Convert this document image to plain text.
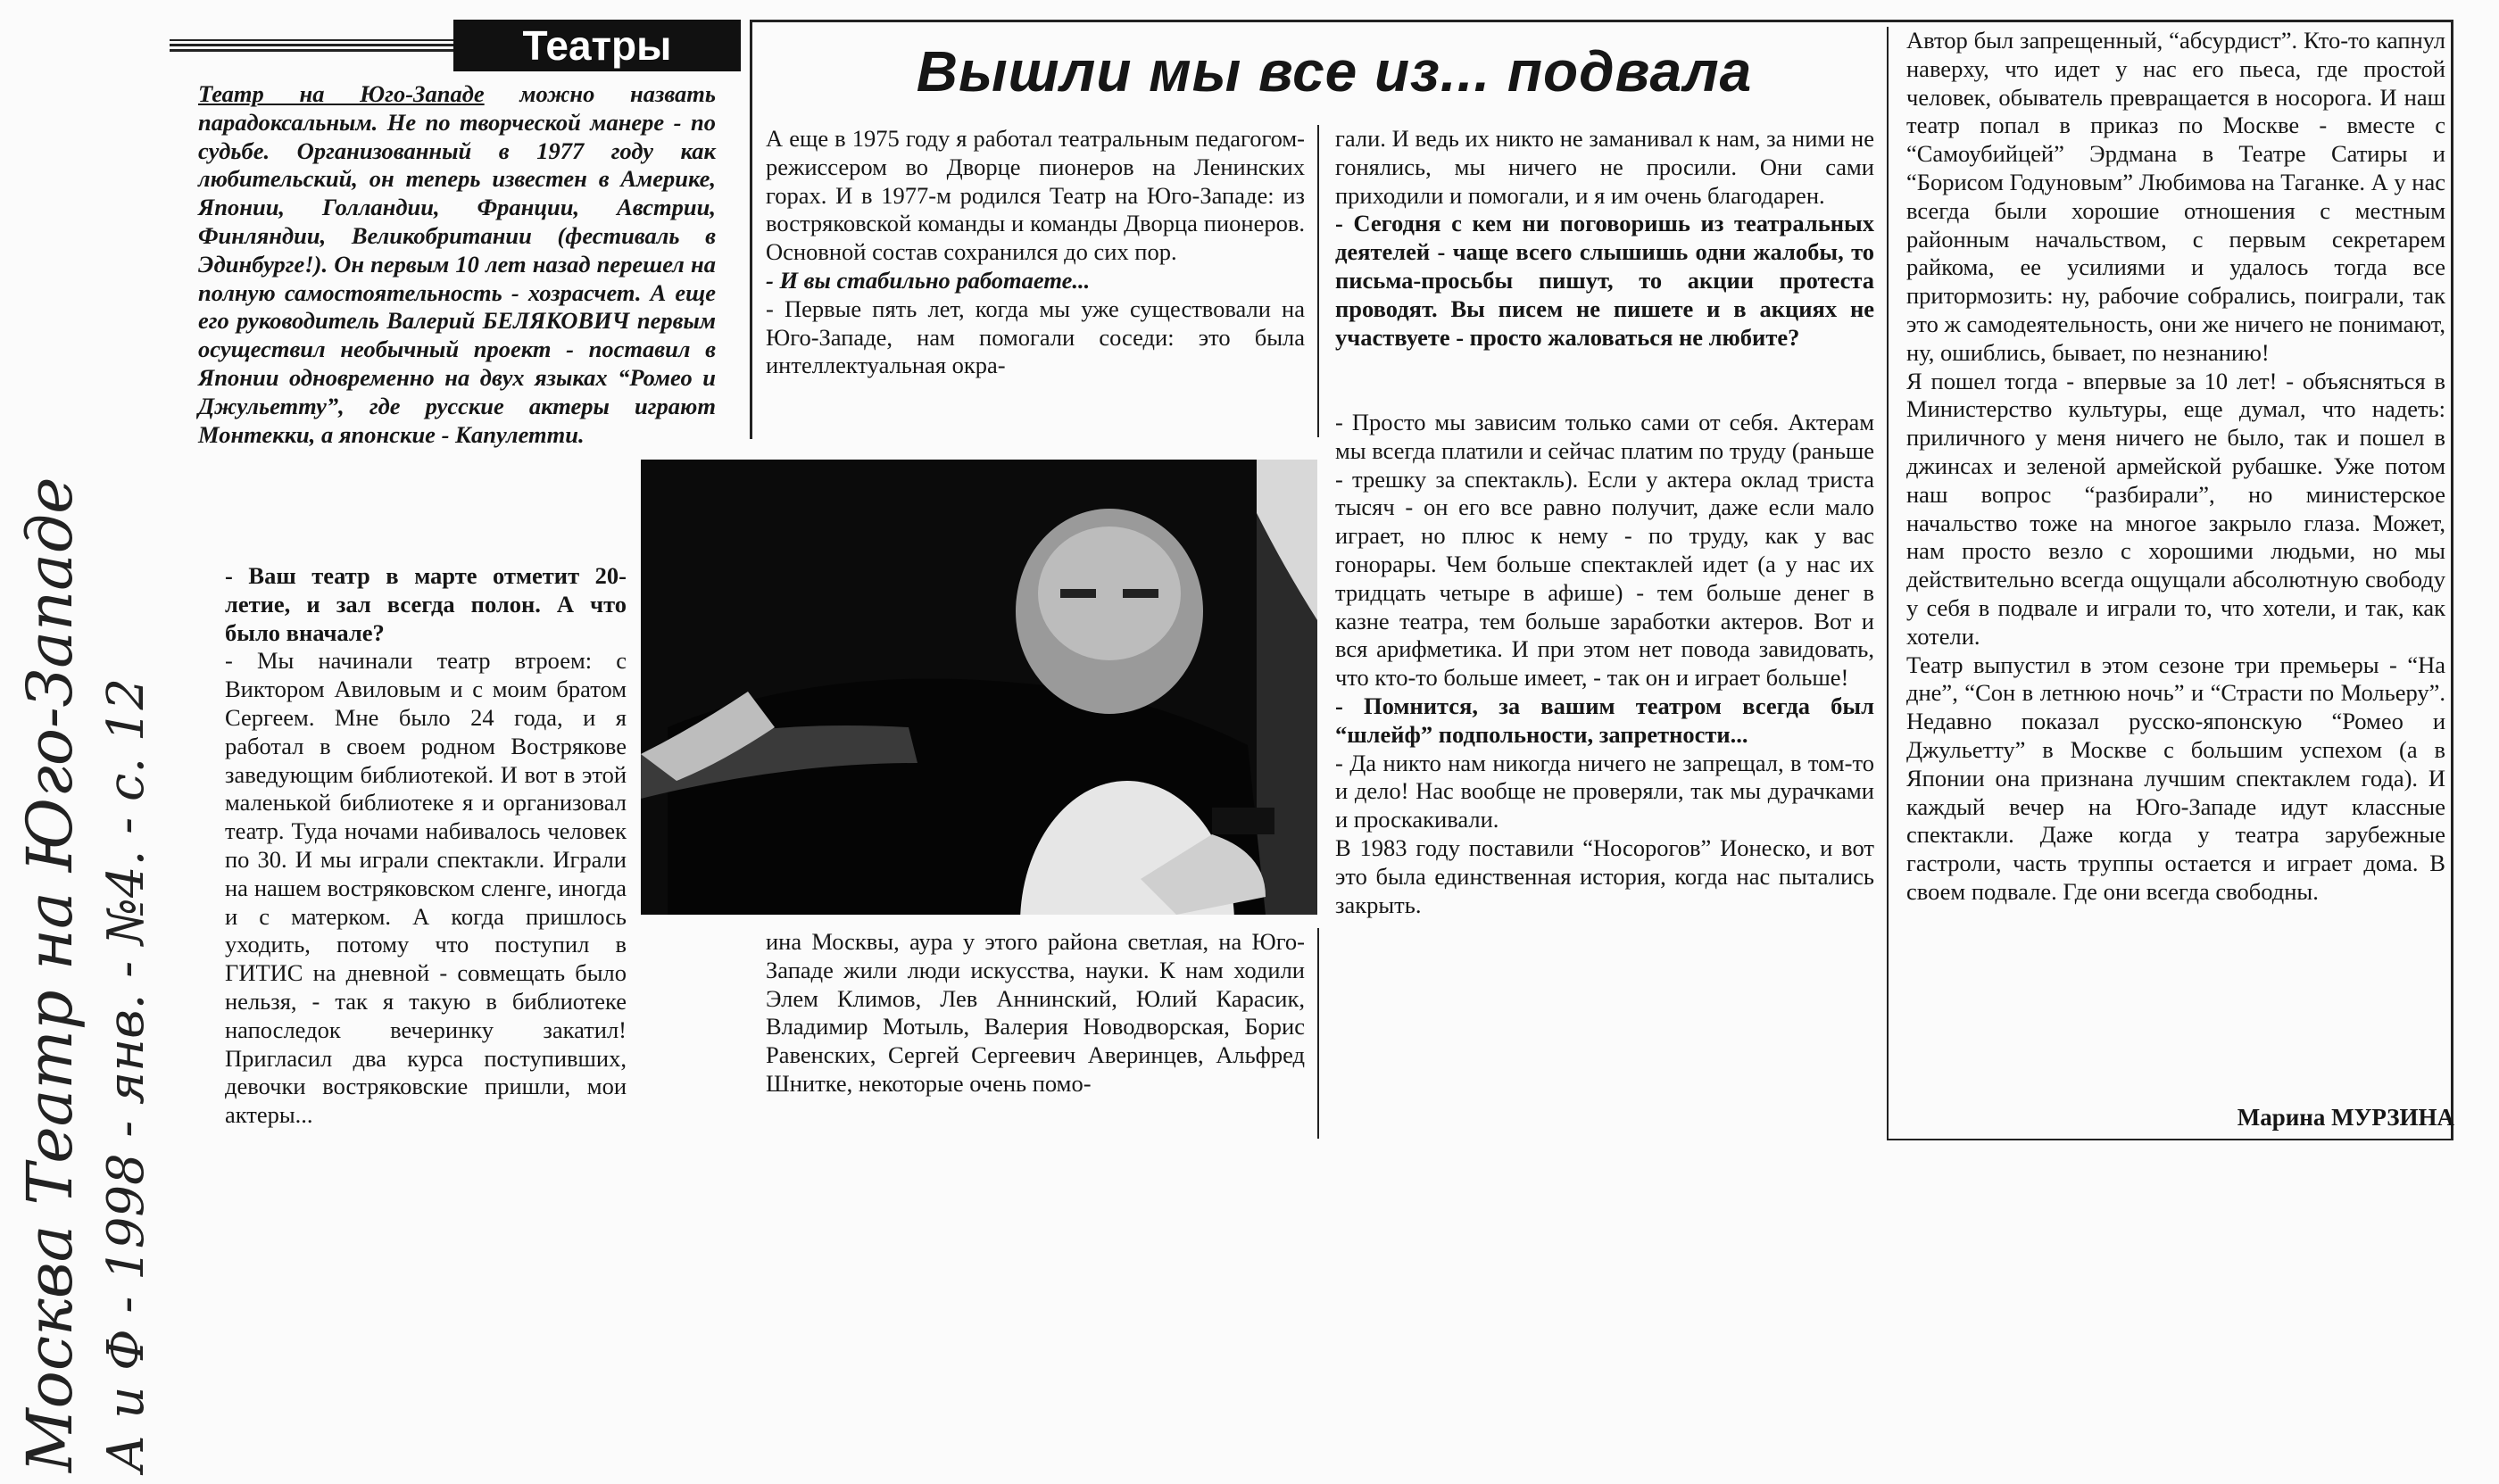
Театры	Вышли мы все из... подвала
Театр на Юго-Западе можно назвать парадоксальным. Не по творческой манере - по судьбе. Организованный в 1977 году как любительский, он теперь известен в Америке, Японии, Голландии, Франции, Австрии, Финляндии, Великобритании (фестиваль в Эдинбурге!). Он первым 10 лет назад перешел на полную самостоятельность - хозрасчет. А еще его руководитель Валерий БЕЛЯКОВИЧ первым осуществил необычный проект - поставил в Японии одновременно на двух языках “Ромео и Джульетту”, где русские актеры играют Монтекки, а японские - Капулетти.

- Ваш театр в марте отметит 20-летие, и зал всегда полон. А что было вначале?

- Мы начинали театр втроем: с Виктором Авиловым и с моим братом Сергеем. Мне было 24 года, и я работал в своем родном Вострякове заведующим библиотекой. И вот в этой маленькой библиотеке я и организовал театр. Туда ночами набивалось человек по 30. И мы играли спектакли. Играли на нашем востряковском сленге, иногда и с матерком. А когда пришлось уходить, потому что поступил в ГИТИС на дневной - совмещать было нельзя, - так я такую в библиотеке напоследок вечеринку закатил! Пригласил два курса поступивших, девочки востряковские пришли, мои актеры...

А еще в 1975 году я работал театральным педагогом-режиссером во Дворце пионеров на Ленинских горах. И в 1977-м родился Театр на Юго-Западе: из востряковской команды и команды Дворца пионеров. Основной состав сохранился до сих пор.

- И вы стабильно работаете...

- Первые пять лет, когда мы уже существовали на Юго-Западе, нам помогали соседи: это была интеллектуальная окра-

ина Москвы, аура у этого района светлая, на Юго-Западе жили люди искусства, науки. К нам ходили Элем Климов, Лев Аннинский, Юлий Карасик, Владимир Мотыль, Валерия Новодворская, Борис Равенских, Сергей Сергеевич Аверинцев, Альфред Шнитке, некоторые очень помо-

гали. И ведь их никто не заманивал к нам, за ними не гонялись, мы ничего не просили. Они сами приходили и помогали, и я им очень благодарен.

- Сегодня с кем ни поговоришь из театральных деятелей - чаще всего слышишь одни жалобы, то письма-просьбы пишут, то акции протеста проводят. Вы писем не пишете и в акциях не участвуете - просто жаловаться не любите?

- Просто мы зависим только сами от себя. Актерам мы всегда платили и сейчас платим по труду (раньше - трешку за спектакль). Если у актера оклад триста тысяч - он его все равно получит, даже если мало играет, но плюс к нему - по труду, как у вас гонорары. Чем больше спектаклей идет (а у нас их тридцать четыре в афише) - тем больше денег в казне театра, тем больше заработки актеров. Вот и вся арифметика. И при этом нет повода завидовать, что кто-то больше имеет, - так он и играет больше!

- Помнится, за вашим театром всегда был “шлейф” подпольности, запретности...

- Да никто нам никогда ничего не запрещал, в том-то и дело! Нас вообще не проверяли, так мы дурачками и проскакивали.

В 1983 году поставили “Носорогов” Ионеско, и вот это была единственная история, когда нас пытались закрыть.

Автор был запрещенный, “абсурдист”. Кто-то капнул наверху, что идет у нас его пьеса, где простой человек, обыватель превращается в носорога. И наш театр попал в приказ по Москве - вместе с “Самоубийцей” Эрдмана в Театре Сатиры и “Борисом Годуновым” Любимова на Таганке. А у нас всегда были хорошие отношения с местным районным начальством, с первым секретарем райкома, ее усилиями и удалось тогда все притормозить: ну, рабочие собрались, поиграли, так это ж самодеятельность, они же ничего не понимают, ну, ошиблись, бывает, по незнанию!

Я пошел тогда - впервые за 10 лет! - объясняться в Министерство культуры, еще думал, что надеть: приличного у меня ничего не было, так и пошел в джинсах и зеленой армейской рубашке. Уже потом наш вопрос “разбирали”, но министерское начальство тоже на многое закрыло глаза. Может, нам просто везло с хорошими людьми, но мы действительно всегда ощущали абсолютную свободу у себя в подвале и играли то, что хотели, и так, как хотели.

Театр выпустил в этом сезоне три премьеры - “На дне”, “Сон в летнюю ночь” и “Страсти по Мольеру”. Недавно показал русско-японскую “Ромео и Джульетту” в Москве с большим успехом (а в Японии она признана лучшим спектаклем года). И каждый вечер на Юго-Западе идут классные спектакли. Даже когда у театра зарубежные гастроли, часть труппы остается и играет дома. В своем подвале. Где они всегда свободны.

Марина МУРЗИНА
Москва Театр на Юго-Западе А и Ф - 1998 - янв. - №4. - с. 12
